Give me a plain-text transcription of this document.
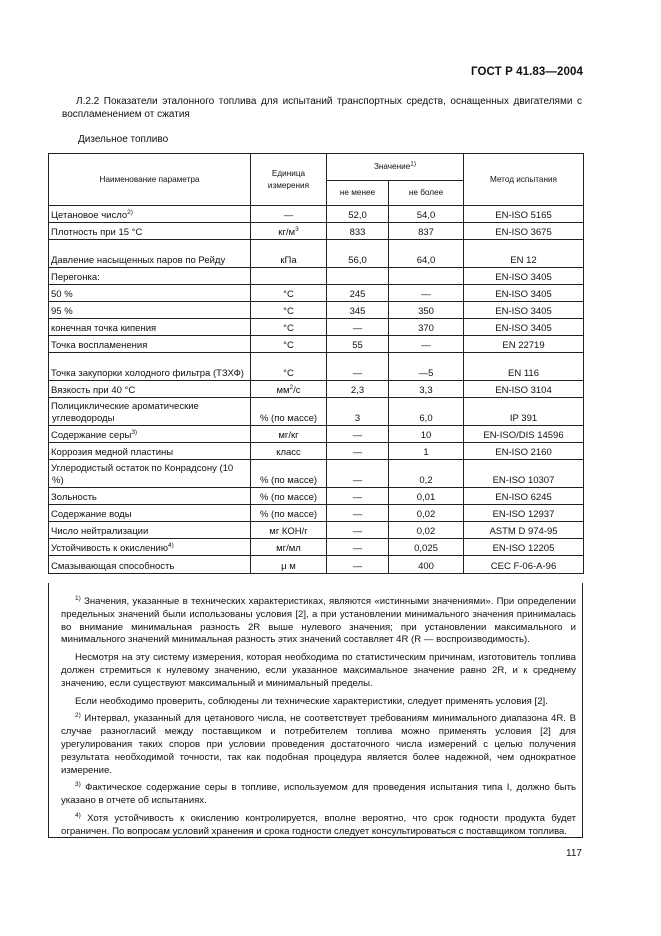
ГОСТ Р 41.83—2004
Л.2.2 Показатели эталонного топлива для испытаний транспортных средств, оснащенных двигателями с воспламенением от сжатия
Дизельное топливо
Наименование параметра	Единица измерения	Значение$^{1)}$		Метод испытания
		не менее	не более	
Цетановое число$^{2)}$	—	52,0	54,0	EN-ISO 5165
Плотность при 15 °С	$кг/м^3$	833	837	EN-ISO 3675
Давление насыщенных паров по Рейду	кПа	56,0	64,0	EN 12
Перегонка:				EN-ISO 3405
50 %	°С	245	—	EN-ISO 3405
95 %	°С	345	350	EN-ISO 3405
конечная точка кипения	°С	—	370	EN-ISO 3405
Точка воспламенения	°С	55	—	EN 22719
Точка закупорки холодного фильтра (ТЗХФ)	°С	—	—5	EN 116
Вязкость при 40 °С	$мм^2/с$	2,3	3,3	EN-ISO 3104
Полициклические ароматические углеводороды	% (по массе)	3	6,0	IP 391
Содержание серы$^{3)}$	мг/кг	—	10	EN-ISO/DIS 14596
Коррозия медной пластины	класс	—	1	EN-ISO 2160
Углеродистый остаток по Конрадсону (10 %)	% (по массе)	—	0,2	EN-ISO 10307
Зольность	% (по массе)	—	0,01	EN-ISO 6245
Содержание воды	% (по массе)	—	0,02	EN-ISO 12937
Число нейтрализации	мг КОН/г	—	0,02	ASTM D 974-95
Устойчивость к окислению$^{4)}$	мг/мл	—	0,025	EN-ISO 12205
Смазывающая способность	μ м	—	400	CEC F-06-A-96

$^{1)}$ Значения, указанные в технических характеристиках, являются «истинными значениями». При определении предельных значений были использованы условия [2], а при установлении минимального значения принималась во внимание минимальная разность 2R выше нулевого значения; при установлении максимального и минимального значений минимальная разность этих значений составляет 4R (R — воспроизводимость).

Несмотря на эту систему измерения, которая необходима по статистическим причинам, изготовитель топлива должен стремиться к нулевому значению, если указанное максимальное значение равно 2R, и к среднему значению, если существуют максимальный и минимальный пределы.

Если необходимо проверить, соблюдены ли технические характеристики, следует применять условия [2].

$^{2)}$ Интервал, указанный для цетанового числа, не соответствует требованиям минимального диапазона 4R. В случае разногласий между поставщиком и потребителем топлива можно применять условия [2] для урегулирования таких споров при условии проведения достаточного числа измерений с целью получения результата необходимой точности, так как подобная процедура является более надежной, чем однократное измерение.

$^{3)}$ Фактическое содержание серы в топливе, используемом для проведения испытания типа I, должно быть указано в отчете об испытаниях.

$^{4)}$ Хотя устойчивость к окислению контролируется, вполне вероятно, что срок годности продукта будет ограничен. По вопросам условий хранения и срока годности следует консультироваться с поставщиком топлива.

117
